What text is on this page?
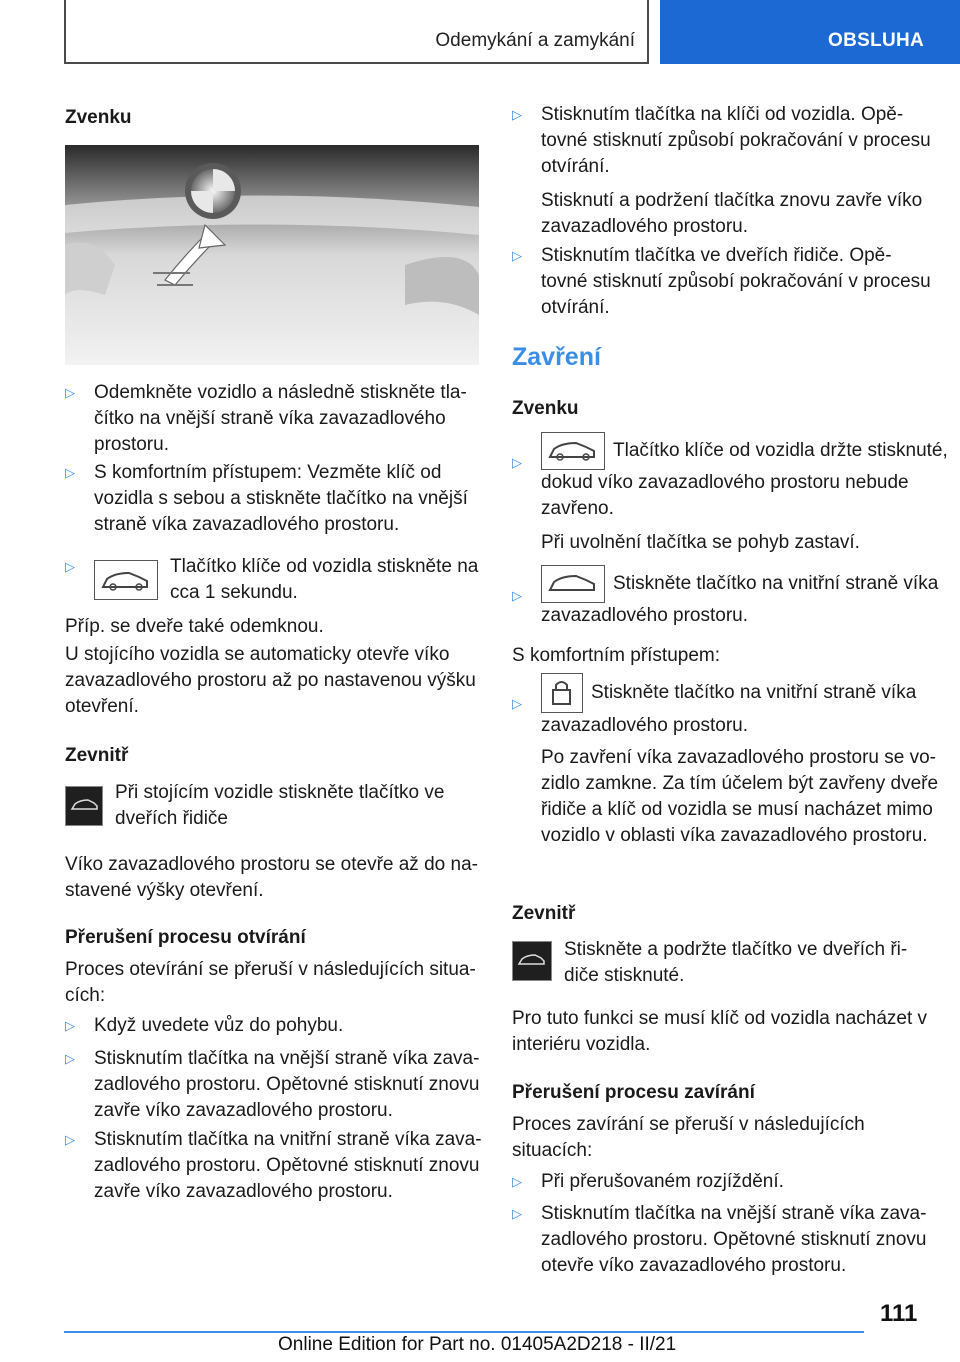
Odemykání a zamykání	OBSLUHA

Zvenku

▷	Odemkněte vozidlo a následně stiskněte tlačítko na vnější straně víka zavazadlového prostoru.

▷	S komfortním přístupem: Vezměte klíč od vozidla s sebou a stiskněte tlačítko na vnější straně víka zavazadlového prostoru.

▷	Tlačítko klíče od vozidla stiskněte na cca 1 sekundu.

Příp. se dveře také odemknou.

U stojícího vozidla se automaticky otevře víko zavazadlového prostoru až po nastavenou výšku otevření.

Zevnitř

Při stojícím vozidle stiskněte tlačítko ve dveřích řidiče

Víko zavazadlového prostoru se otevře až do nastavené výšky otevření.

Přerušení procesu otvírání

Proces otevírání se přeruší v následujících situacích:

▷	Když uvedete vůz do pohybu.

▷	Stisknutím tlačítka na vnější straně víka zavazadlového prostoru. Opětovné stisknutí znovu zavře víko zavazadlového prostoru.

▷	Stisknutím tlačítka na vnitřní straně víka zavazadlového prostoru. Opětovné stisknutí znovu zavře víko zavazadlového prostoru.

▷	Stisknutím tlačítka na klíči od vozidla. Opětovné stisknutí způsobí pokračování v procesu otvírání.

Stisknutí a podržení tlačítka znovu zavře víko zavazadlového prostoru.

▷	Stisknutím tlačítka ve dveřích řidiče. Opětovné stisknutí způsobí pokračování v procesu otvírání.

Zavření

Zvenku

▷

Tlačítko klíče od vozidla držte stisknuté, dokud víko zavazadlového prostoru nebude zavřeno.

Při uvolnění tlačítka se pohyb zastaví.

▷

Stiskněte tlačítko na vnitřní straně víka zavazadlového prostoru.

S komfortním přístupem:

▷

Stiskněte tlačítko na vnitřní straně víka zavazadlového prostoru.

Po zavření víka zavazadlového prostoru se vozidlo zamkne. Za tím účelem být zavřeny dveře řidiče a klíč od vozidla se musí nacházet mimo vozidlo v oblasti víka zavazadlového prostoru.

Zevnitř

Stiskněte a podržte tlačítko ve dveřích řidiče stisknuté.

Pro tuto funkci se musí klíč od vozidla nacházet v interiéru vozidla.

Přerušení procesu zavírání

Proces zavírání se přeruší v následujících situacích:

▷	Při přerušovaném rozjíždění.

▷	Stisknutím tlačítka na vnější straně víka zavazadlového prostoru. Opětovné stisknutí znovu otevře víko zavazadlového prostoru.

111
Online Edition for Part no. 01405A2D218 - II/21
